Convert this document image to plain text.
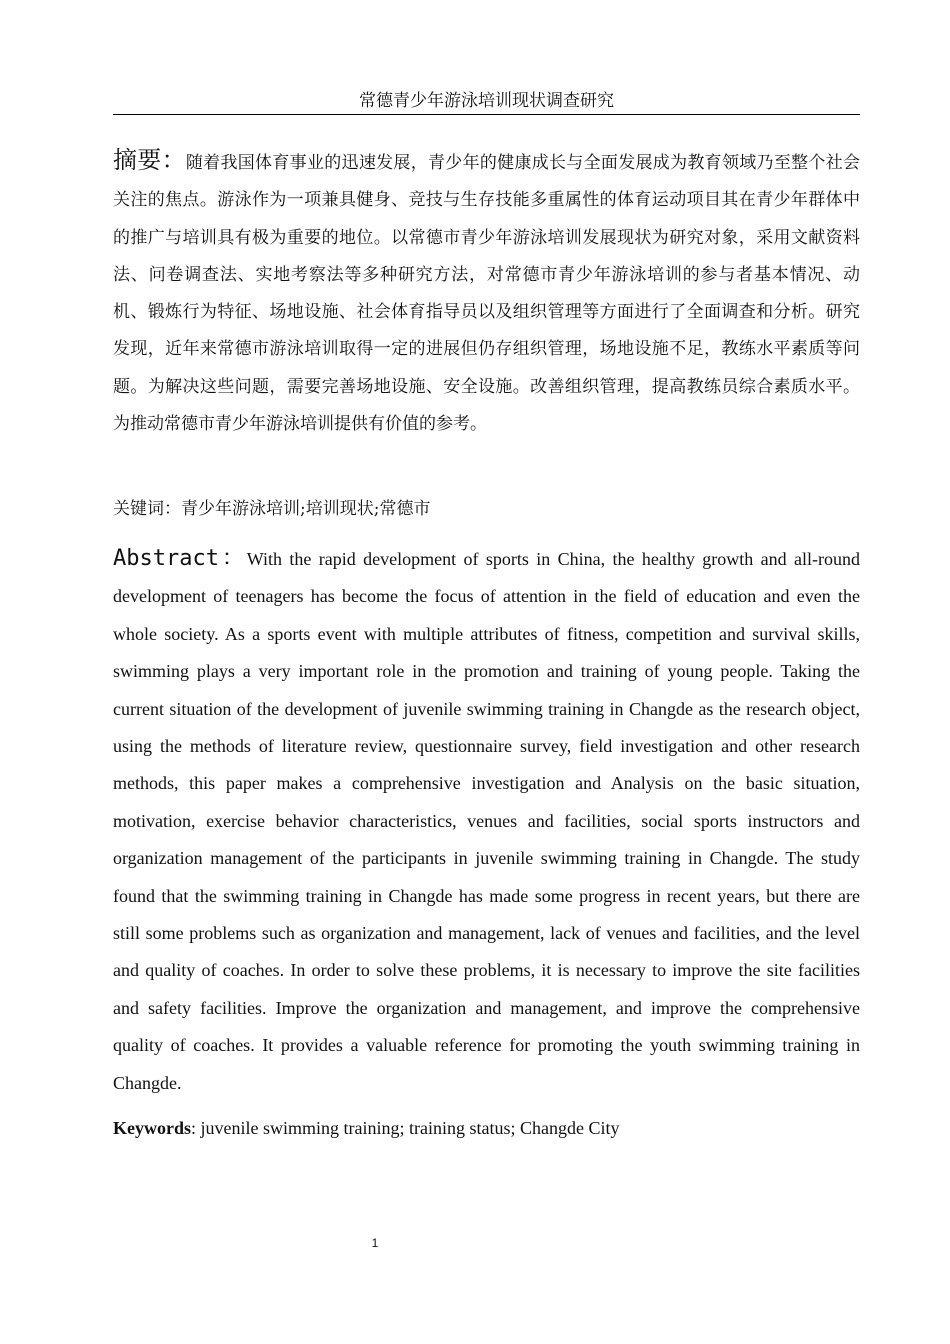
常德青少年游泳培训现状调查研究

摘要：随着我国体育事业的迅速发展，青少年的健康成长与全面发展成为教育领域乃至整个社会关注的焦点。游泳作为一项兼具健身、竞技与生存技能多重属性的体育运动项目其在青少年群体中的推广与培训具有极为重要的地位。以常德市青少年游泳培训发展现状为研究对象，采用文献资料法、问卷调查法、实地考察法等多种研究方法，对常德市青少年游泳培训的参与者基本情况、动机、锻炼行为特征、场地设施、社会体育指导员以及组织管理等方面进行了全面调查和分析。研究发现，近年来常德市游泳培训取得一定的进展但仍存组织管理，场地设施不足，教练水平素质等问题。为解决这些问题，需要完善场地设施、安全设施。改善组织管理，提高教练员综合素质水平。为推动常德市青少年游泳培训提供有价值的参考。

关键词：青少年游泳培训;培训现状;常德市

Abstract：With the rapid development of sports in China, the healthy growth and all-round development of teenagers has become the focus of attention in the field of education and even the whole society. As a sports event with multiple attributes of fitness, competition and survival skills, swimming plays a very important role in the promotion and training of young people. Taking the current situation of the development of juvenile swimming training in Changde as the research object, using the methods of literature review, questionnaire survey, field investigation and other research methods, this paper makes a comprehensive investigation and Analysis on the basic situation, motivation, exercise behavior characteristics, venues and facilities, social sports instructors and organization management of the participants in juvenile swimming training in Changde. The study found that the swimming training in Changde has made some progress in recent years, but there are still some problems such as organization and management, lack of venues and facilities, and the level and quality of coaches. In order to solve these problems, it is necessary to improve the site facilities and safety facilities. Improve the organization and management, and improve the comprehensive quality of coaches. It provides a valuable reference for promoting the youth swimming training in Changde.

Keywords: juvenile swimming training; training status; Changde City

1
